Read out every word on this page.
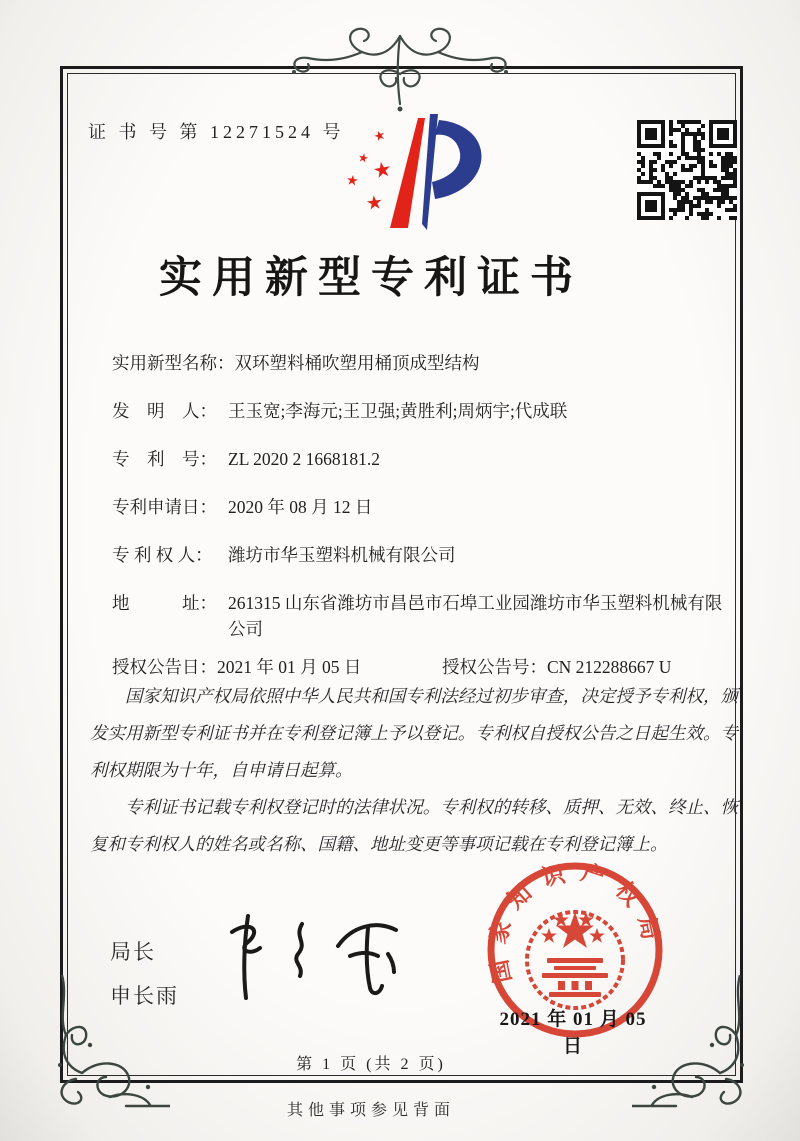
证 书 号 第 12271524 号 ★
★ ★
★
★
实用新型专利证书
实用新型名称： 双环塑料桶吹塑用桶顶成型结构
发　明　人： 王玉宽;李海元;王卫强;黄胜利;周炳宇;代成联
专　利　号： ZL 2020 2 1668181.2
专利申请日： 2020 年 08 月 12 日
专 利 权 人： 潍坊市华玉塑料机械有限公司
地　　　址： 261315 山东省潍坊市昌邑市石埠工业园潍坊市华玉塑料机械有限公司
授权公告日： 2021 年 01 月 05 日	授权公告号： CN 212288667 U

国家知识产权局依照中华人民共和国专利法经过初步审查，决定授予专利权，颁发实用新型专利证书并在专利登记簿上予以登记。专利权自授权公告之日起生效。专利权期限为十年，自申请日起算。

专利证书记载专利权登记时的法律状况。专利权的转移、质押、无效、终止、恢复和专利权人的姓名或名称、国籍、地址变更等事项记载在专利登记簿上。

局长
申长雨
国家知识产权局
2021 年 01 月 05 日
第 1 页 (共 2 页)
其他事项参见背面
